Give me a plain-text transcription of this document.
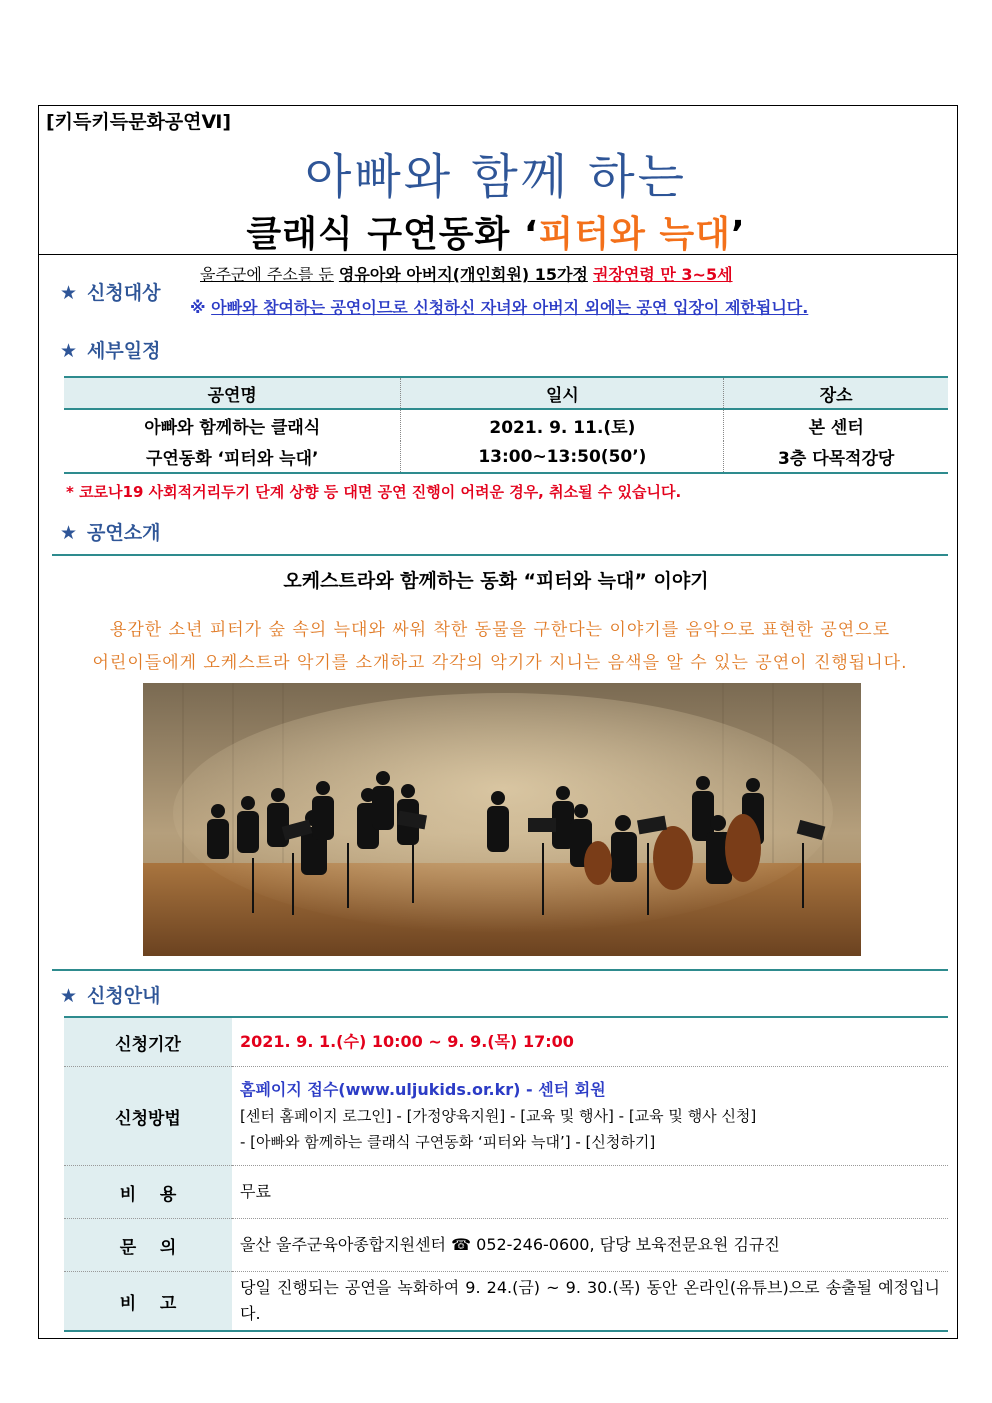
[키득키득문화공연Ⅵ]
아빠와 함께 하는
클래식 구연동화 ‘피터와 늑대’
★ 신청대상
울주군에 주소를 둔 영유아와 아버지(개인회원) 15가정 권장연령 만 3~5세
※ 아빠와 참여하는 공연이므로 신청하신 자녀와 아버지 외에는 공연 입장이 제한됩니다.
★ 세부일정
공연명	일시	장소
아빠와 함께하는 클래식	2021. 9. 11.(토)	본 센터
구연동화 ‘피터와 늑대’	13:00~13:50(50’)	3층 다목적강당
* 코로나19 사회적거리두기 단계 상향 등 대면 공연 진행이 어려운 경우, 취소될 수 있습니다.
★ 공연소개
오케스트라와 함께하는 동화 “피터와 늑대” 이야기
용감한 소년 피터가 숲 속의 늑대와 싸워 착한 동물을 구한다는 이야기를 음악으로 표현한 공연으로
어린이들에게 오케스트라 악기를 소개하고 각각의 악기가 지니는 음색을 알 수 있는 공연이 진행됩니다.
★ 신청안내
신청기간	2021. 9. 1.(수) 10:00 ~ 9. 9.(목) 17:00
신청방법	홈페이지 접수(www.uljukids.or.kr) - 센터 회원
[센터 홈페이지 로그인] - [가정양육지원] - [교육 및 행사] - [교육 및 행사 신청]
- [아빠와 함께하는 클래식 구연동화 ‘피터와 늑대’] - [신청하기]

비    용	무료
문    의	울산 울주군육아종합지원센터 ☎ 052-246-0600, 담당 보육전문요원 김규진
비    고	당일 진행되는 공연을 녹화하여 9. 24.(금) ~ 9. 30.(목) 동안 온라인(유튜브)으로 송출될 예정입니다.
